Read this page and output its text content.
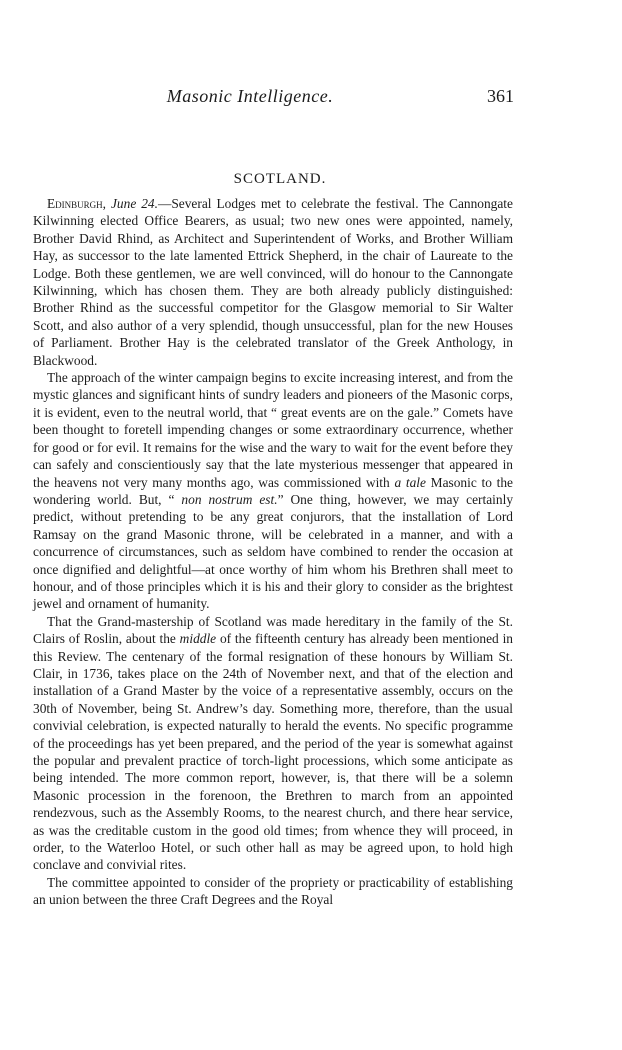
Masonic Intelligence.	361
SCOTLAND.

Edinburgh, June 24.—Several Lodges met to celebrate the festival. The Cannongate Kilwinning elected Office Bearers, as usual; two new ones were appointed, namely, Brother David Rhind, as Architect and Superintendent of Works, and Brother William Hay, as successor to the late lamented Ettrick Shepherd, in the chair of Laureate to the Lodge. Both these gentlemen, we are well convinced, will do honour to the Cannongate Kilwinning, which has chosen them. They are both already publicly distinguished: Brother Rhind as the successful competitor for the Glasgow memorial to Sir Walter Scott, and also author of a very splendid, though unsuccessful, plan for the new Houses of Parliament. Brother Hay is the celebrated translator of the Greek Anthology, in Blackwood.

The approach of the winter campaign begins to excite increasing interest, and from the mystic glances and significant hints of sundry leaders and pioneers of the Masonic corps, it is evident, even to the neutral world, that “ great events are on the gale.” Comets have been thought to foretell impending changes or some extraordinary occurrence, whether for good or for evil. It remains for the wise and the wary to wait for the event before they can safely and conscientiously say that the late mysterious messenger that appeared in the heavens not very many months ago, was commissioned with a tale Masonic to the wondering world. But, “ non nostrum est.” One thing, however, we may certainly predict, without pretending to be any great conjurors, that the installation of Lord Ramsay on the grand Masonic throne, will be celebrated in a manner, and with a concurrence of circumstances, such as seldom have combined to render the occasion at once dignified and delightful—at once worthy of him whom his Brethren shall meet to honour, and of those principles which it is his and their glory to consider as the brightest jewel and ornament of humanity.

That the Grand-mastership of Scotland was made hereditary in the family of the St. Clairs of Roslin, about the middle of the fifteenth century has already been mentioned in this Review. The centenary of the formal resignation of these honours by William St. Clair, in 1736, takes place on the 24th of November next, and that of the election and installation of a Grand Master by the voice of a representative assembly, occurs on the 30th of November, being St. Andrew’s day. Something more, therefore, than the usual convivial celebration, is expected naturally to herald the events. No specific programme of the proceedings has yet been prepared, and the period of the year is somewhat against the popular and prevalent practice of torch-light processions, which some anticipate as being intended. The more common report, however, is, that there will be a solemn Masonic procession in the forenoon, the Brethren to march from an appointed rendezvous, such as the Assembly Rooms, to the nearest church, and there hear service, as was the creditable custom in the good old times; from whence they will proceed, in order, to the Waterloo Hotel, or such other hall as may be agreed upon, to hold high conclave and convivial rites.

The committee appointed to consider of the propriety or practicability of establishing an union between the three Craft Degrees and the Royal
